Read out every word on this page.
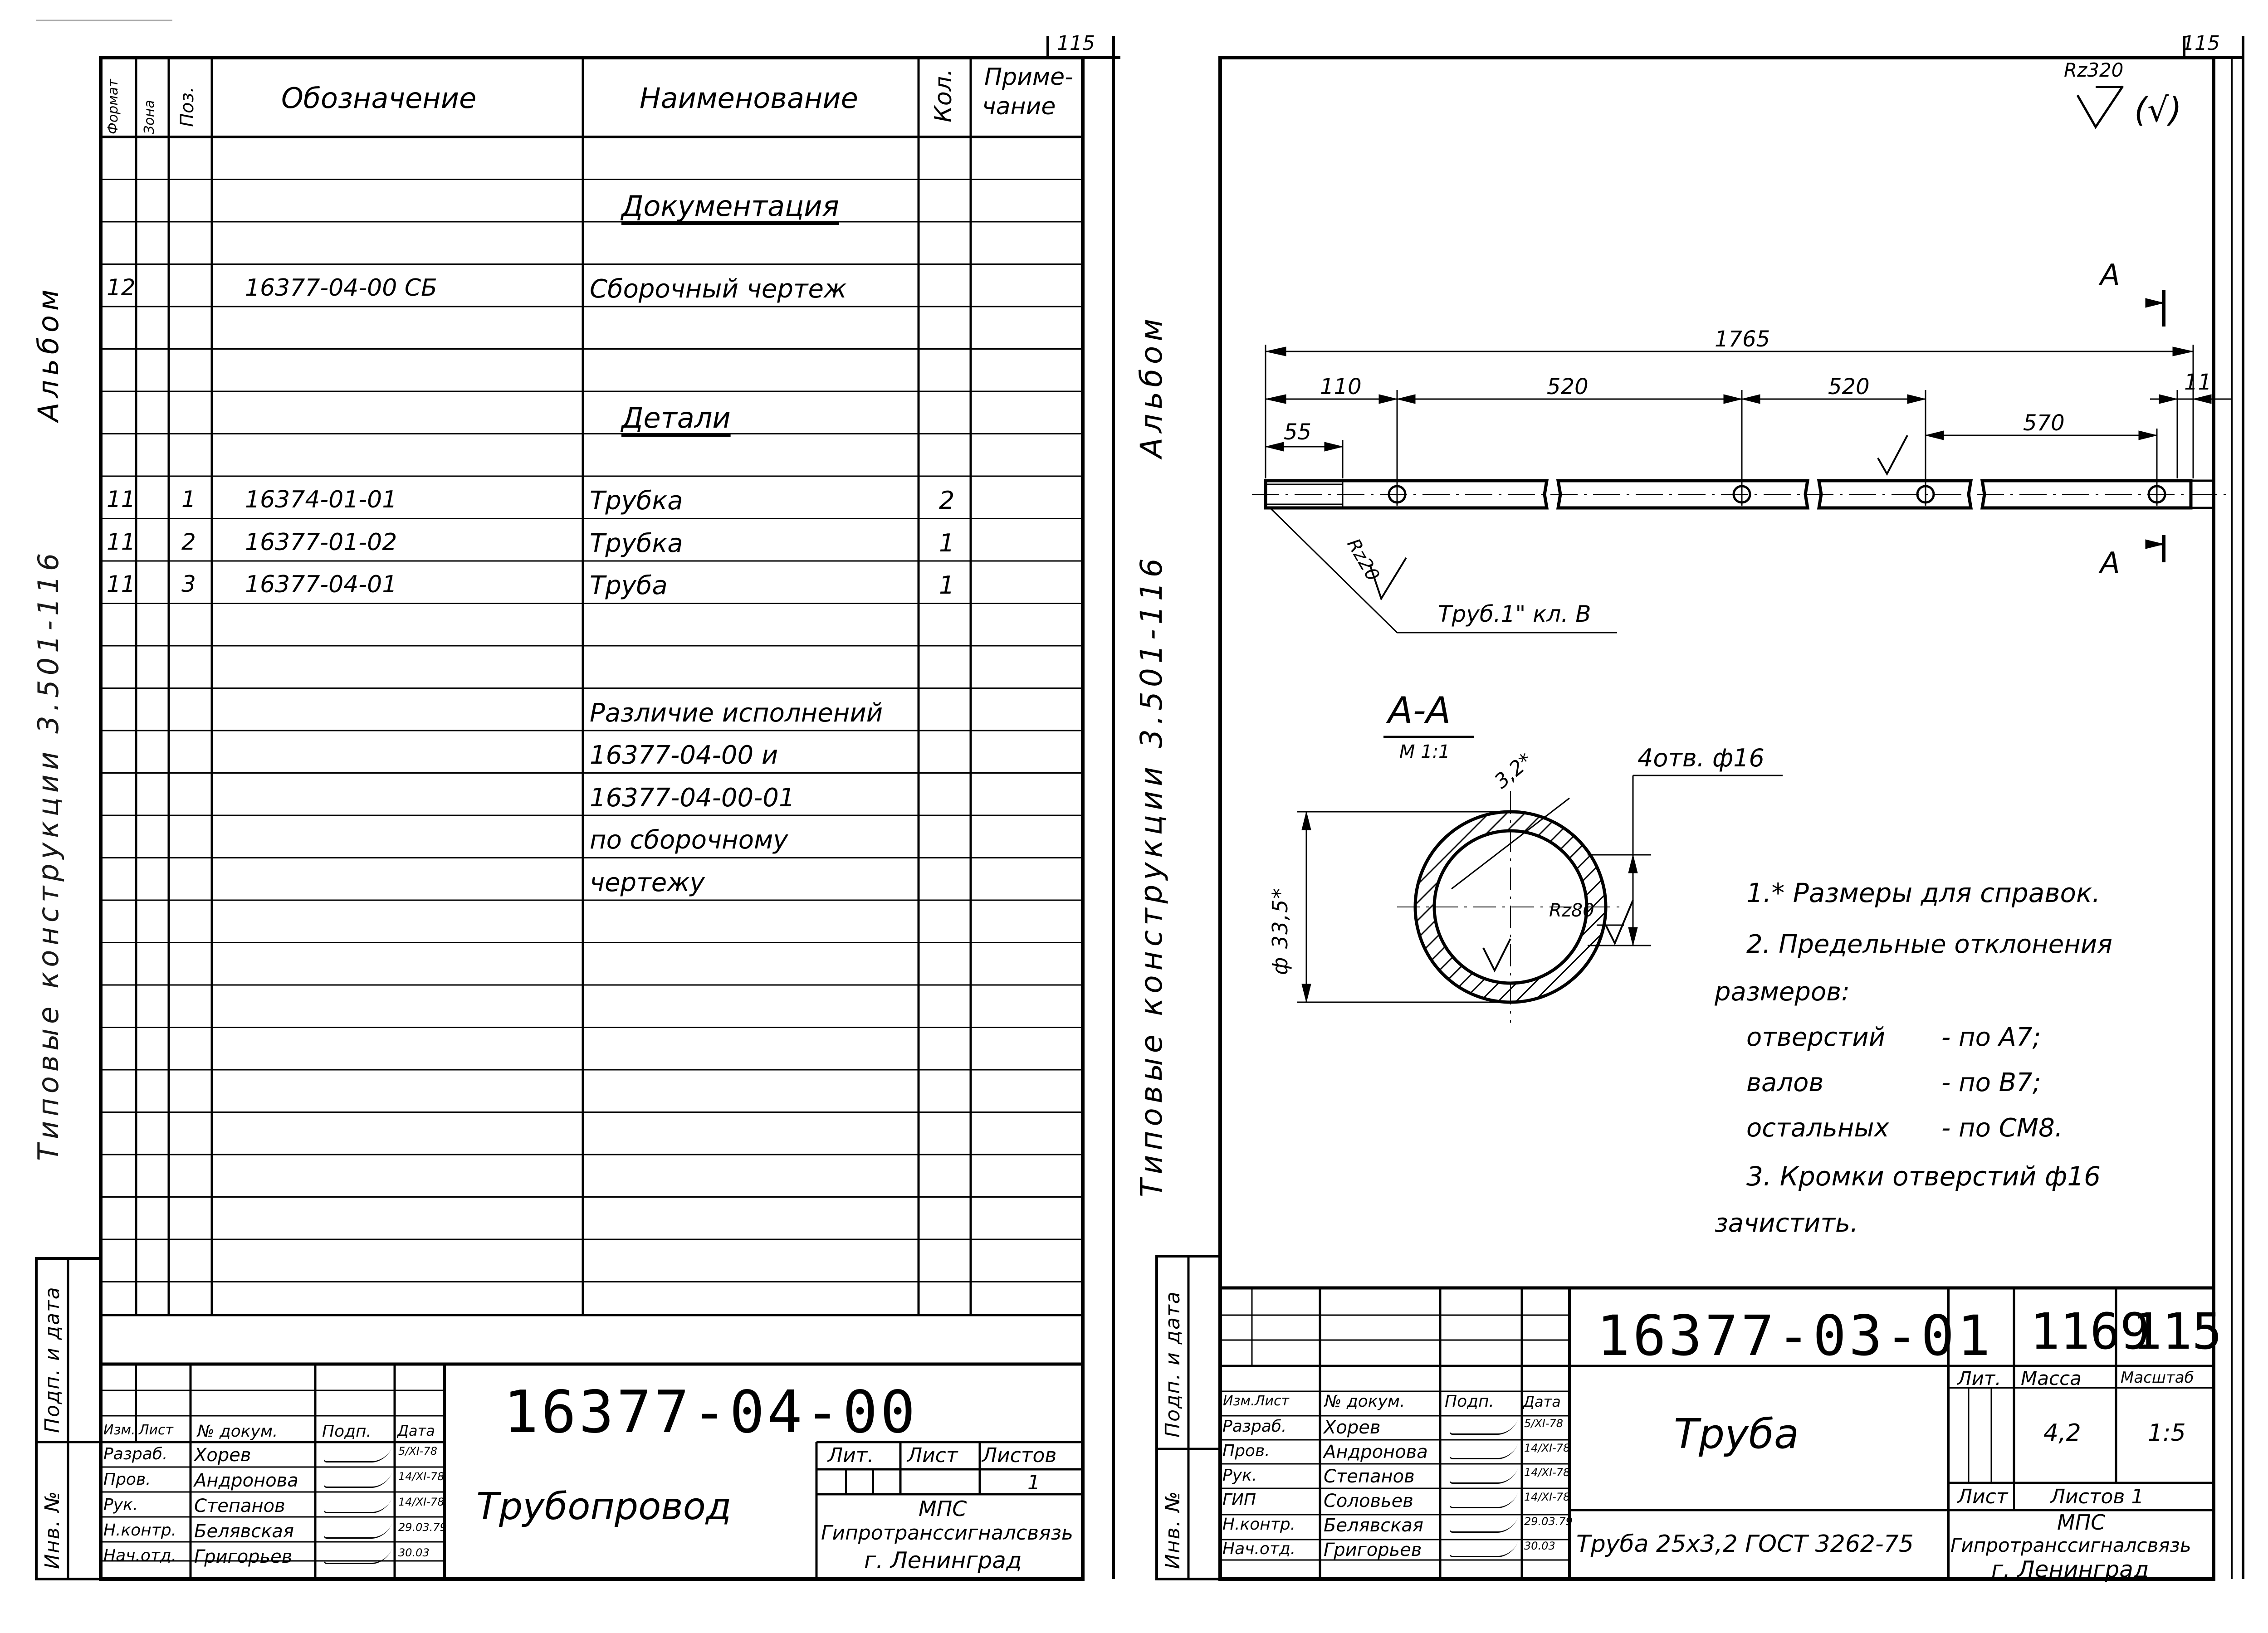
115
Альбом
Типовые конструкции 3.501-116
Подп. и дата
Инв. №
Формат Зона Поз.	Обозначение	Наименование	Кол. Приме-
чание
Документация
12	16377-04-00 СБ	Сборочный чертеж
Детали
11 1 16374-01-01	Трубка	2
11 2 16377-01-02	Трубка	1
11 3 16377-04-01	Труба	1
Различие исполнений
16377-04-00 и
16377-04-00-01
по сборочному
чертежу
Изм. Лист № докум.	Подп. Дата
Разраб. Хорев	5/XI-78
Пров. Андронова	14/XI-78
Рук.	Степанов	14/XI-78
Н.контр. Белявская	29.03.79
Нач.отд. Григорьев	30.03
16377-04-00
Трубопровод
Лит. Лист Листов
1
МПС
Гипротранссигналсвязь
г. Ленинград
115
Альбом
Типовые конструкции 3.501-116
Подп. и дата
Инв. №
Rz320
(√)
1765
110	520	520
570
55
11
А
А
Rz20
Труб.1" кл. В
А-А
М 1:1	4отв. ф16
3,2*
ф 33,5*	Rz80
1.* Размеры для справок.
2. Предельные отклонения
размеров:
отверстий - по А7;
валов	- по В7;
остальных - по СМ8.
3. Кромки отверстий ф16
зачистить.
16377-03-01 1169
115
Труба
Труба 25х3,2 ГОСТ 3262-75
Лит. Масса	Масштаб
4,2	1:5
Лист Листов 1
МПС
Гипротранссигналсвязь
г. Ленинград
Изм. Лист № докум. Подп. Дата
Разраб. Хорев	5/XI-78
Пров.	Андронова	14/XI-78
Рук.	Степанов	14/XI-78
ГИП	Соловьев	14/XI-78
Н.контр. Белявская	29.03.79
Нач.отд. Григорьев	30.03
